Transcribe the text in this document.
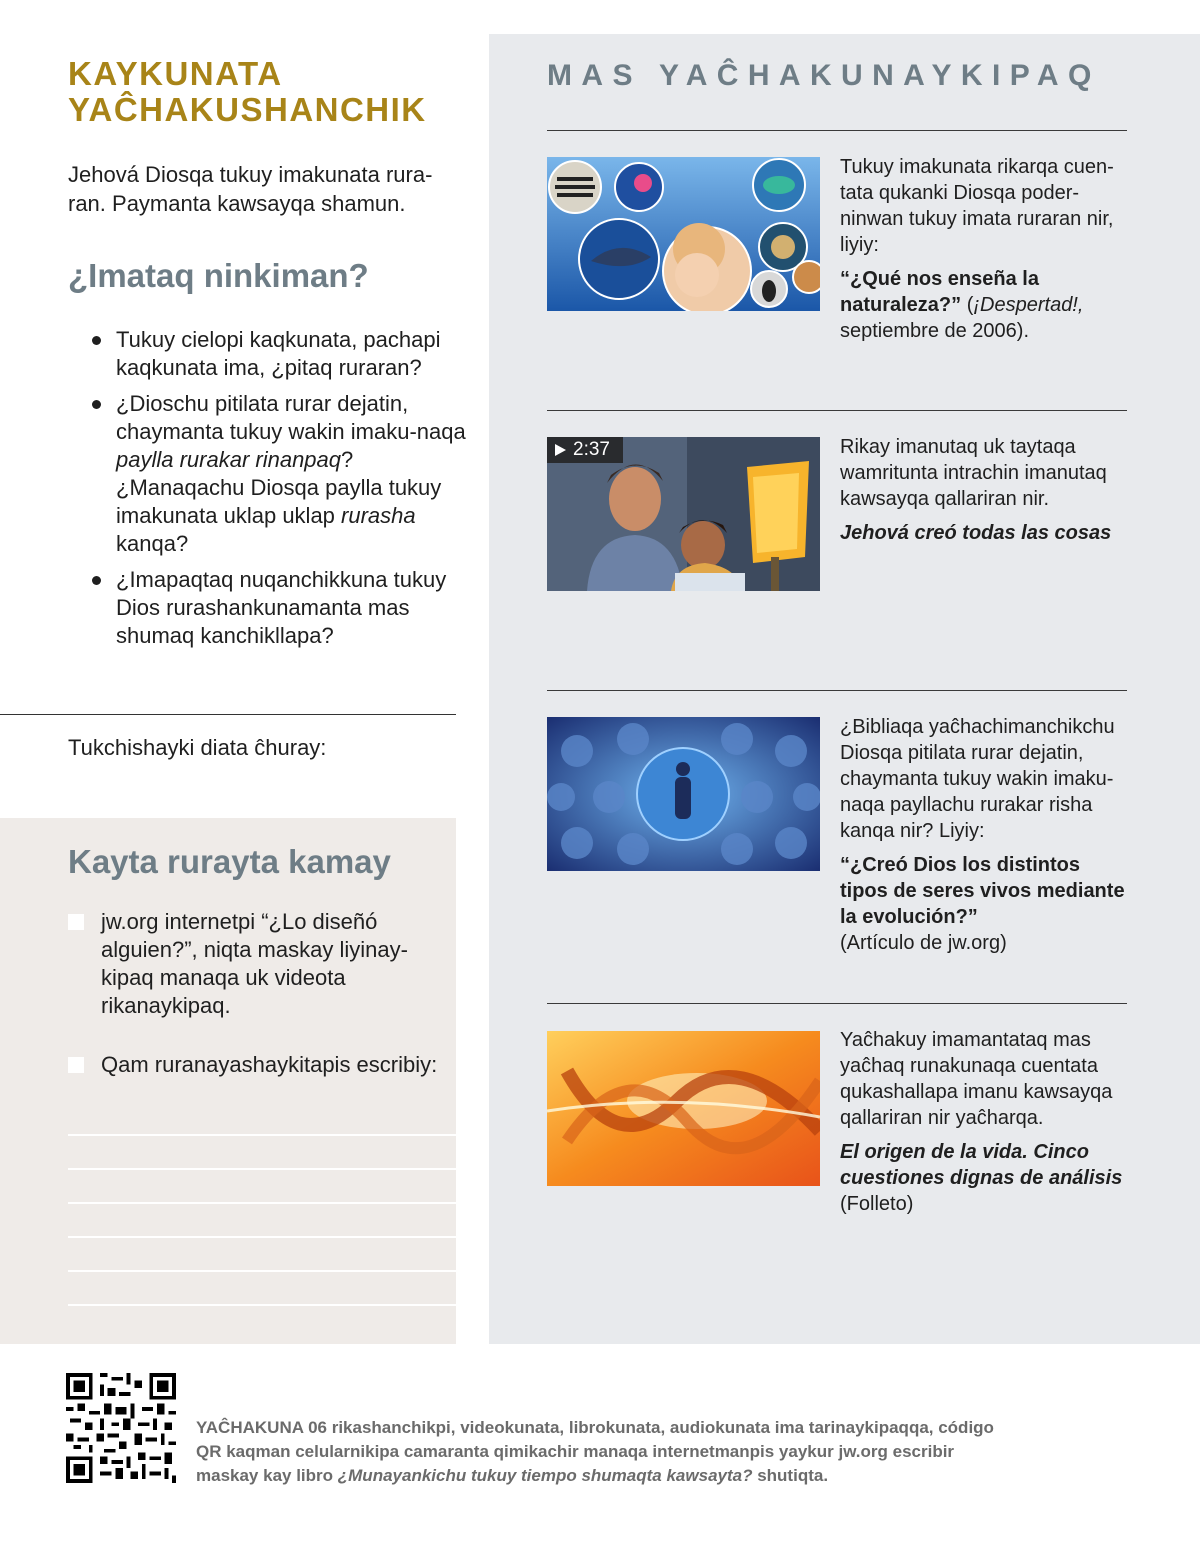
KAYKUNATA
YAĈHAKUSHANCHIK

Jehová Diosqa tukuy imakunata rura-ran. Paymanta kawsayqa shamun.

¿Imataq ninkiman?
Tukuy cielopi kaqkunata, pachapi kaqkunata ima, ¿pitaq ruraran?
¿Dioschu pitilata rurar dejatin, chaymanta tukuy wakin imaku-naqa paylla rurakar rinanpaq? ¿Manaqachu Diosqa paylla tukuy imakunata uklap uklap rurasha kanqa?
¿Imapaqtaq nuqanchikkuna tukuy Dios rurashankunamanta mas shumaq kanchikllapa?

Tukchishayki diata ĉhuray:

Kayta rurayta kamay
jw.org internetpi “¿Lo diseñó alguien?”, niqta maskay liyinay-kipaq manaqa uk videota rikanaykipaq.
Qam ruranayashaykitapis escribiy:
MAS YAĈHAKUNAYKIPAQ

Tukuy imakunata rikarqa cuen-tata qukanki Diosqa poder-ninwan tukuy imata ruraran nir, liyiy:

“¿Qué nos enseña la naturaleza?” (¡Despertad!, septiembre de 2006).

2:37	Rikay imanutaq uk taytaqa wamrituntа intrachin imanutaq kawsayqa qallariran nir.

Jehová creó todas las cosas

¿Bibliaqa yaĉhachimanchikchu Diosqa pitilata rurar dejatin, chaymanta tukuy wakin imaku-naqa payllachu rurakar risha kanqa nir? Liyiy:

“¿Creó Dios los distintos tipos de seres vivos mediante la evolución?”

(Artículo de jw.org)

Yaĉhakuy imamantataq mas yaĉhaq runakunaqa cuentata qukashallapa imanu kawsayqa qallariran nir yaĉharqa.

El origen de la vida. Cinco cuestiones dignas de análisis

(Folleto)

YAĈHAKUNA 06 rikashanchikpi, videokunata, librokunata, audiokunata ima tarinaykipaqqa, código QR kaqman celularnikipa camaranta qimikachir manaqa internetmanpis yaykur jw.org escribir maskay kay libro ¿Munayankichu tukuy tiempo shumaqta kawsayta? shutiqta.
